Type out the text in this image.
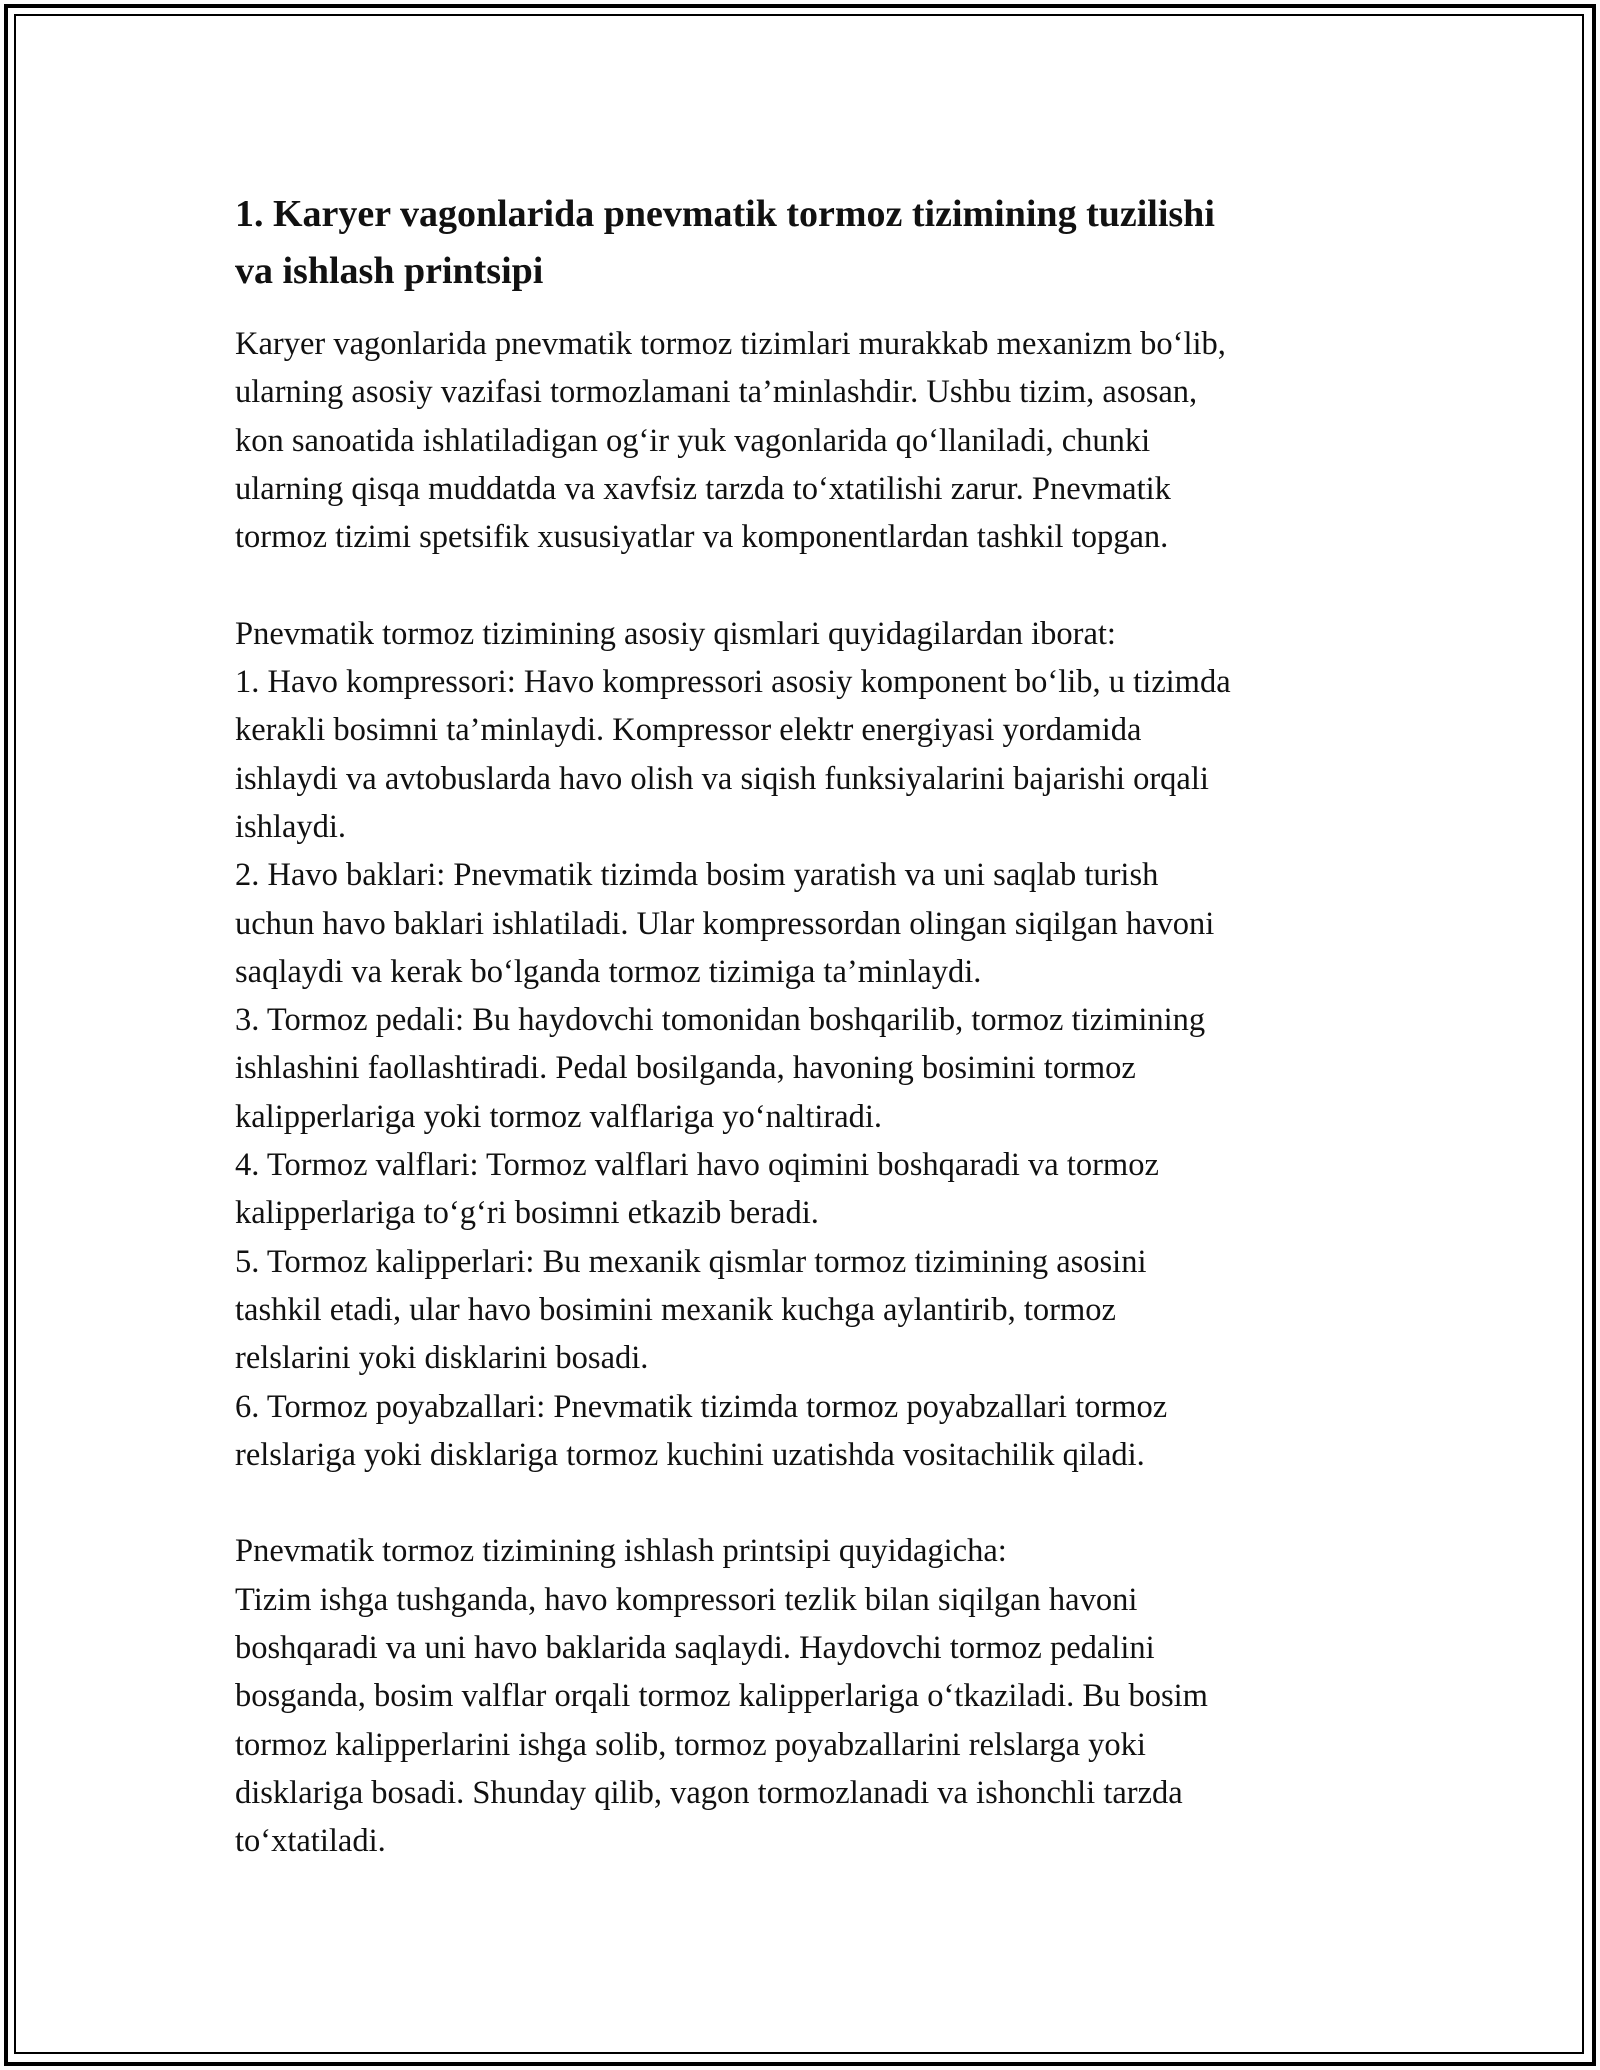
1. Karyer vagonlarida pnevmatik tormoz tizimining tuzilishi
va ishlash printsipi
Karyer vagonlarida pnevmatik tormoz tizimlari murakkab mexanizm bo‘lib,
ularning asosiy vazifasi tormozlamani ta’minlashdir. Ushbu tizim, asosan,
kon sanoatida ishlatiladigan og‘ir yuk vagonlarida qo‘llaniladi, chunki
ularning qisqa muddatda va xavfsiz tarzda to‘xtatilishi zarur. Pnevmatik
tormoz tizimi spetsifik xususiyatlar va komponentlardan tashkil topgan.
Pnevmatik tormoz tizimining asosiy qismlari quyidagilardan iborat:
1. Havo kompressori: Havo kompressori asosiy komponent bo‘lib, u tizimda
kerakli bosimni ta’minlaydi. Kompressor elektr energiyasi yordamida
ishlaydi va avtobuslarda havo olish va siqish funksiyalarini bajarishi orqali
ishlaydi.
2. Havo baklari: Pnevmatik tizimda bosim yaratish va uni saqlab turish
uchun havo baklari ishlatiladi. Ular kompressordan olingan siqilgan havoni
saqlaydi va kerak bo‘lganda tormoz tizimiga ta’minlaydi.
3. Tormoz pedali: Bu haydovchi tomonidan boshqarilib, tormoz tizimining
ishlashini faollashtiradi. Pedal bosilganda, havoning bosimini tormoz
kalipperlariga yoki tormoz valflariga yo‘naltiradi.
4. Tormoz valflari: Tormoz valflari havo oqimini boshqaradi va tormoz
kalipperlariga to‘g‘ri bosimni etkazib beradi.
5. Tormoz kalipperlari: Bu mexanik qismlar tormoz tizimining asosini
tashkil etadi, ular havo bosimini mexanik kuchga aylantirib, tormoz
relslarini yoki disklarini bosadi.
6. Tormoz poyabzallari: Pnevmatik tizimda tormoz poyabzallari tormoz
relslariga yoki disklariga tormoz kuchini uzatishda vositachilik qiladi.
Pnevmatik tormoz tizimining ishlash printsipi quyidagicha:
Tizim ishga tushganda, havo kompressori tezlik bilan siqilgan havoni
boshqaradi va uni havo baklarida saqlaydi. Haydovchi tormoz pedalini
bosganda, bosim valflar orqali tormoz kalipperlariga o‘tkaziladi. Bu bosim
tormoz kalipperlarini ishga solib, tormoz poyabzallarini relslarga yoki
disklariga bosadi. Shunday qilib, vagon tormozlanadi va ishonchli tarzda
to‘xtatiladi.
